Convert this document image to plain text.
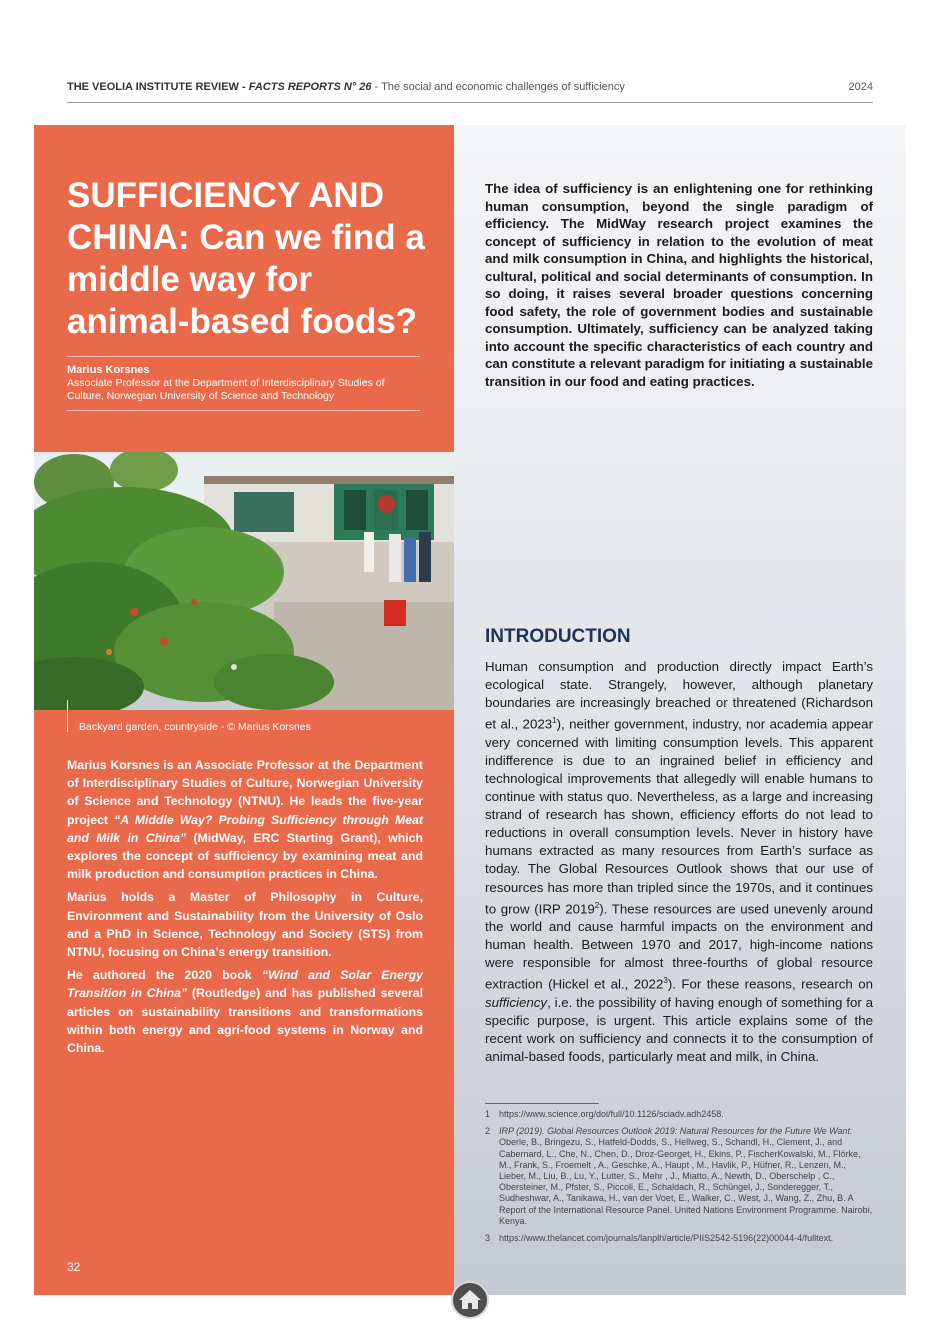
THE VEOLIA INSTITUTE REVIEW - FACTS REPORTS N° 26 - The social and economic challenges of sufficiency	2024
SUFFICIENCY AND CHINA: Can we find a middle way for animal-based foods?
Marius Korsnes
Associate Professor at the Department of Interdisciplinary Studies of Culture, Norwegian University of Science and Technology
Backyard garden, countryside - © Marius Korsnes

Marius Korsnes is an Associate Professor at the Department of Interdisciplinary Studies of Culture, Norwegian University of Science and Technology (NTNU). He leads the five-year project “A Middle Way? Probing Sufficiency through Meat and Milk in China” (MidWay, ERC Starting Grant), which explores the concept of sufficiency by examining meat and milk production and consumption practices in China.

Marius holds a Master of Philosophy in Culture, Environment and Sustainability from the University of Oslo and a PhD in Science, Technology and Society (STS) from NTNU, focusing on China’s energy transition.

He authored the 2020 book “Wind and Solar Energy Transition in China” (Routledge) and has published several articles on sustainability transitions and transformations within both energy and agri-food systems in Norway and China.

32

The idea of sufficiency is an enlightening one for rethinking human consumption, beyond the single paradigm of efficiency. The MidWay research project examines the concept of sufficiency in relation to the evolution of meat and milk consumption in China, and highlights the historical, cultural, political and social determinants of consumption. In so doing, it raises several broader questions concerning food safety, the role of government bodies and sustainable consumption. Ultimately, sufficiency can be analyzed taking into account the specific characteristics of each country and can constitute a relevant paradigm for initiating a sustainable transition in our food and eating practices.

INTRODUCTION

Human consumption and production directly impact Earth’s ecological state. Strangely, however, although planetary boundaries are increasingly breached or threatened (Richardson et al., 2023$^1$), neither government, industry, nor academia appear very concerned with limiting consumption levels. This apparent indifference is due to an ingrained belief in efficiency and technological improvements that allegedly will enable humans to continue with status quo. Nevertheless, as a large and increasing strand of research has shown, efficiency efforts do not lead to reductions in overall consumption levels. Never in history have humans extracted as many resources from Earth’s surface as today. The Global Resources Outlook shows that our use of resources has more than tripled since the 1970s, and it continues to grow (IRP 2019$^2$). These resources are used unevenly around the world and cause harmful impacts on the environment and human health. Between 1970 and 2017, high-income nations were responsible for almost three-fourths of global resource extraction (Hickel et al., 2022$^3$). For these reasons, research on sufficiency, i.e. the possibility of having enough of something for a specific purpose, is urgent. This article explains some of the recent work on sufficiency and connects it to the consumption of animal-based foods, particularly meat and milk, in China.

1 https://www.science.org/doi/full/10.1126/sciadv.adh2458.
2 IRP (2019). Global Resources Outlook 2019: Natural Resources for the Future We Want. Oberle, B., Bringezu, S., Hatfeld-Dodds, S., Hellweg, S., Schandl, H., Clement, J., and Cabernard, L., Che, N., Chen, D., Droz-Georget, H., Ekins, P., FischerKowalski, M., Flörke, M., Frank, S., Froemelt , A., Geschke, A., Haupt , M., Havlik, P., Hüfner, R., Lenzen, M., Lieber, M., Liu, B., Lu, Y., Lutter, S., Mehr , J., Miatto, A., Newth, D., Oberschelp , C., Obersteiner, M., Pfster, S., Piccoli, E., Schaldach, R., Schüngel, J., Sonderegger, T., Sudheshwar, A., Tanikawa, H., van der Voet, E., Walker, C., West, J., Wang, Z., Zhu, B. A Report of the International Resource Panel. United Nations Environment Programme. Nairobi, Kenya.
3 https://www.thelancet.com/journals/lanplh/article/PIIS2542-5196(22)00044-4/fulltext.
